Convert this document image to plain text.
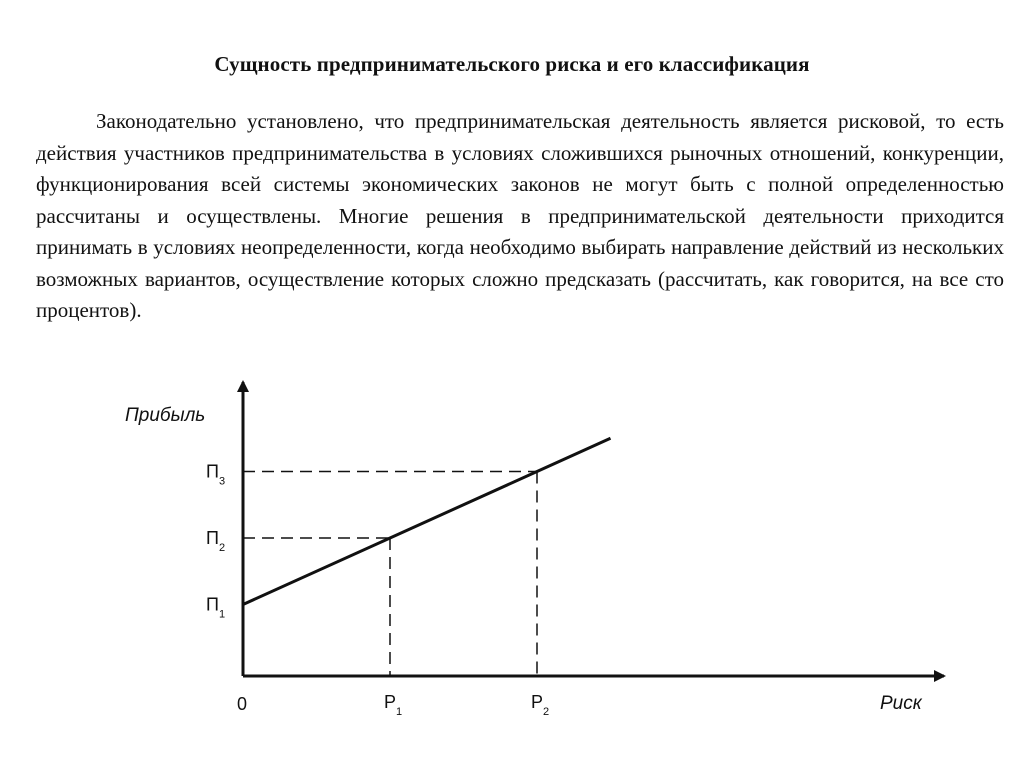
Сущность предпринимательского риска и его классификация

Законодательно установлено, что предпринимательская деятельность является рисковой, то есть действия участников предпринимательства в условиях сложившихся рыночных отношений, конкуренции, функционирования всей системы экономических законов не могут быть с полной определенностью рассчитаны и осуществлены. Многие решения в предпринимательской деятельности приходится принимать в условиях неопределенности, когда необходимо выбирать направление действий из нескольких возможных вариантов, осуществление которых сложно предсказать (рассчитать, как говорится, на все сто процентов).

Прибыль
Риск
0
$П_1$
$П_2$
$П_3$
$Р_1$	$Р_2$
